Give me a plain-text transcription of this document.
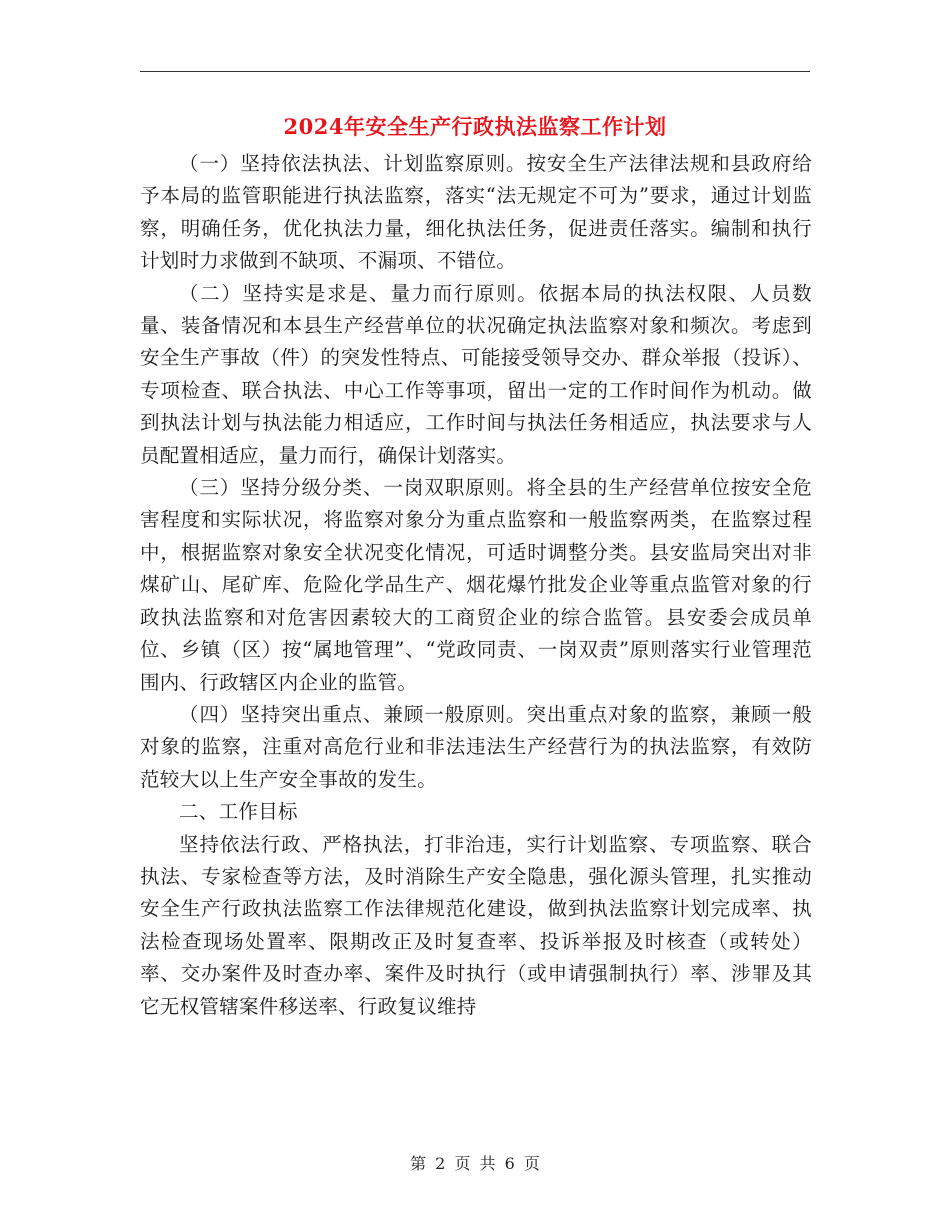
2024年安全生产行政执法监察工作计划

（一）坚持依法执法、计划监察原则。按安全生产法律法规和县政府给予本局的监管职能进行执法监察，落实“法无规定不可为”要求，通过计划监察，明确任务，优化执法力量，细化执法任务，促进责任落实。编制和执行计划时力求做到不缺项、不漏项、不错位。

（二）坚持实是求是、量力而行原则。依据本局的执法权限、人员数量、装备情况和本县生产经营单位的状况确定执法监察对象和频次。考虑到安全生产事故（件）的突发性特点、可能接受领导交办、群众举报（投诉）、专项检查、联合执法、中心工作等事项，留出一定的工作时间作为机动。做到执法计划与执法能力相适应，工作时间与执法任务相适应，执法要求与人员配置相适应，量力而行，确保计划落实。

（三）坚持分级分类、一岗双职原则。将全县的生产经营单位按安全危害程度和实际状况，将监察对象分为重点监察和一般监察两类，在监察过程中，根据监察对象安全状况变化情况，可适时调整分类。县安监局突出对非煤矿山、尾矿库、危险化学品生产、烟花爆竹批发企业等重点监管对象的行政执法监察和对危害因素较大的工商贸企业的综合监管。县安委会成员单位、乡镇（区）按“属地管理”、“党政同责、一岗双责”原则落实行业管理范围内、行政辖区内企业的监管。

（四）坚持突出重点、兼顾一般原则。突出重点对象的监察，兼顾一般对象的监察，注重对高危行业和非法违法生产经营行为的执法监察，有效防范较大以上生产安全事故的发生。

二、工作目标

坚持依法行政、严格执法，打非治违，实行计划监察、专项监察、联合执法、专家检查等方法，及时消除生产安全隐患，强化源头管理，扎实推动安全生产行政执法监察工作法律规范化建设，做到执法监察计划完成率、执法检查现场处置率、限期改正及时复查率、投诉举报及时核查（或转处）率、交办案件及时查办率、案件及时执行（或申请强制执行）率、涉罪及其它无权管辖案件移送率、行政复议维持

第 2 页 共 6 页
